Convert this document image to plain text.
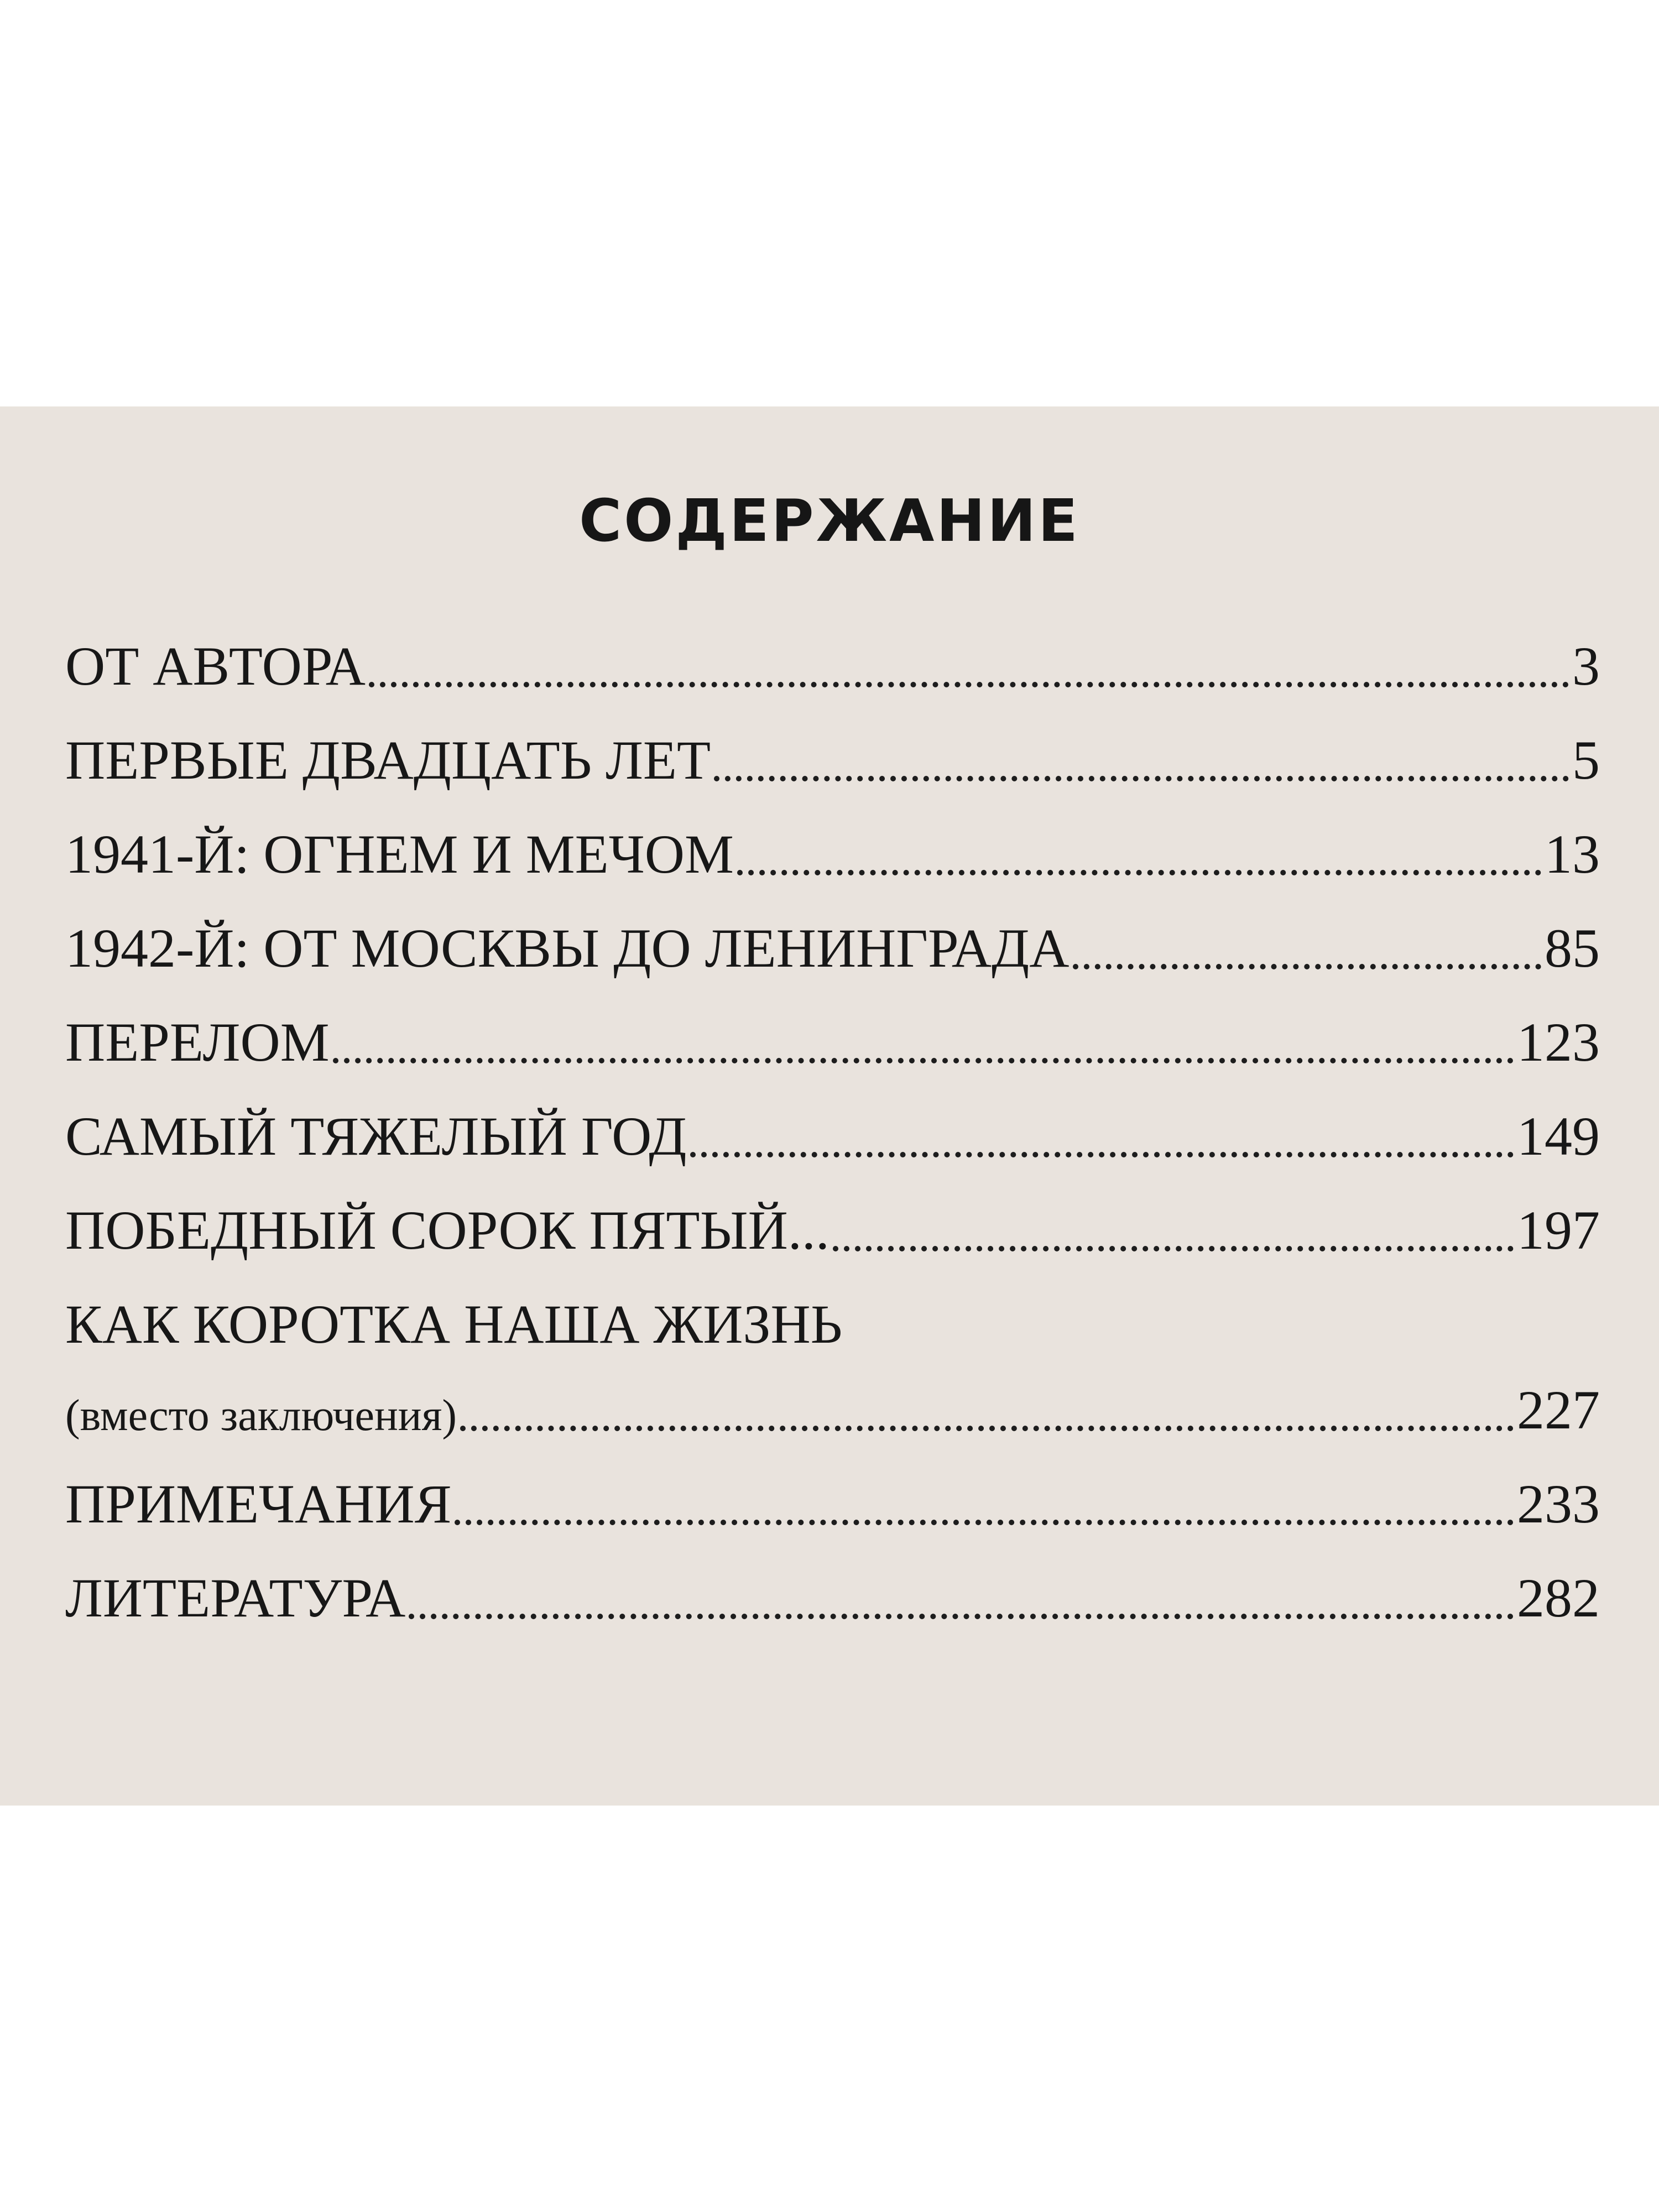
СОДЕРЖАНИЕ
ОТ АВТОРА	3
ПЕРВЫЕ ДВАДЦАТЬ ЛЕТ	5
1941-Й: ОГНЕМ И МЕЧОМ	13
1942-Й: ОТ МОСКВЫ ДО ЛЕНИНГРАДА	85
ПЕРЕЛОМ	123
САМЫЙ ТЯЖЕЛЫЙ ГОД	149
ПОБЕДНЫЙ СОРОК ПЯТЫЙ...	197
КАК КОРОТКА НАША ЖИЗНЬ
(вместо заключения)	227
ПРИМЕЧАНИЯ	233
ЛИТЕРАТУРА	282
